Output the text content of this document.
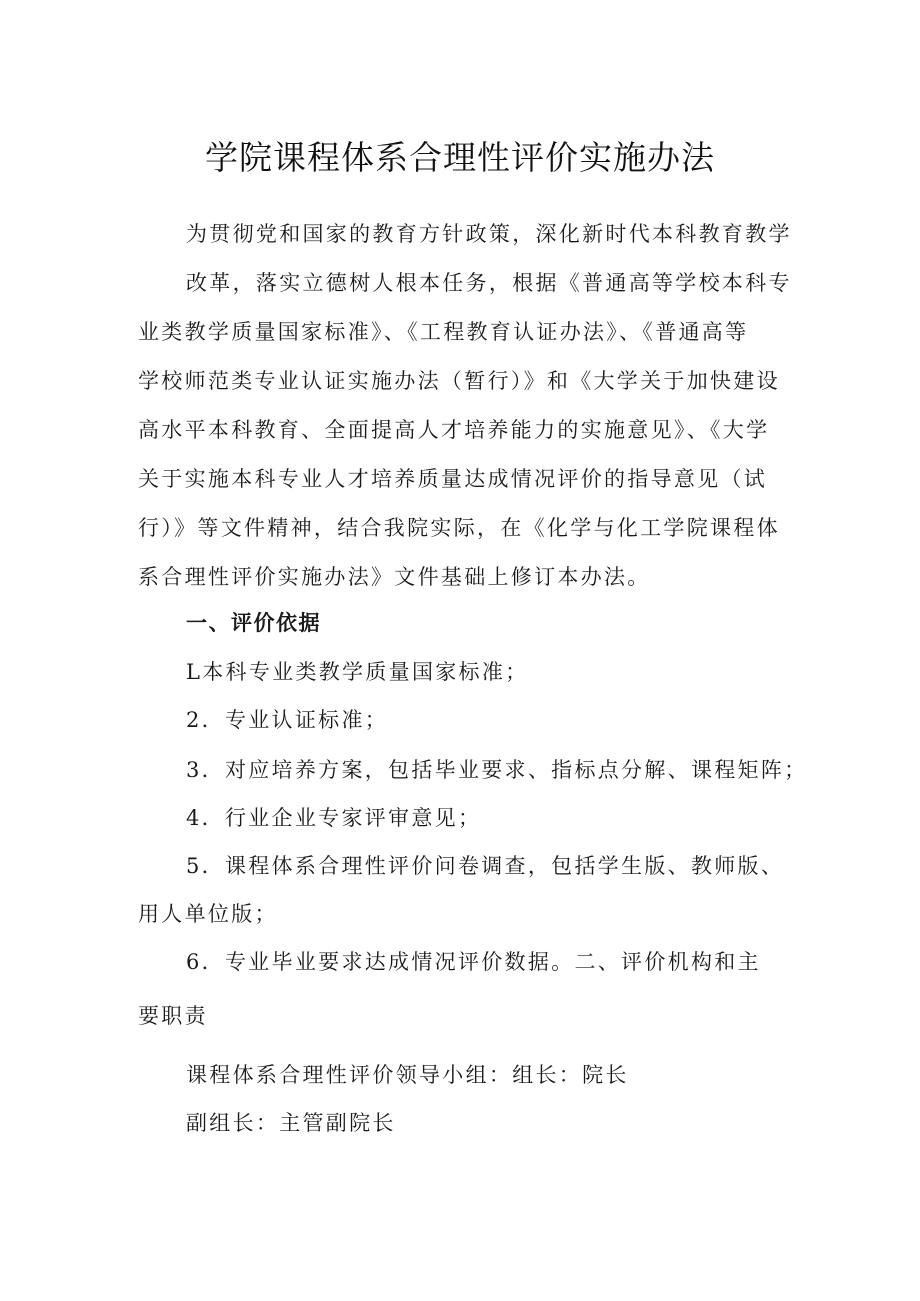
学院课程体系合理性评价实施办法
为贯彻党和国家的教育方针政策，深化新时代本科教育教学
改革，落实立德树人根本任务，根据《普通高等学校本科专
业类教学质量国家标准》、《工程教育认证办法》、《普通高等
学校师范类专业认证实施办法（暂行）》和《大学关于加快建设
高水平本科教育、全面提高人才培养能力的实施意见》、《大学
关于实施本科专业人才培养质量达成情况评价的指导意见（试
行）》等文件精神，结合我院实际，在《化学与化工学院课程体
系合理性评价实施办法》文件基础上修订本办法。
一、评价依据
L本科专业类教学质量国家标准；
2．专业认证标准；
3．对应培养方案，包括毕业要求、指标点分解、课程矩阵；
4．行业企业专家评审意见；
5．课程体系合理性评价问卷调查，包括学生版、教师版、
用人单位版；
6．专业毕业要求达成情况评价数据。二、评价机构和主
要职责
课程体系合理性评价领导小组：组长：院长
副组长：主管副院长
